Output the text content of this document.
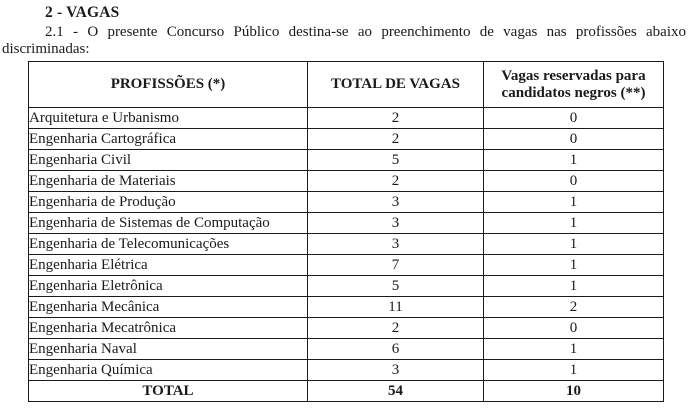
2 - VAGAS

2.1 - O presente Concurso Público destina-se ao preenchimento de vagas nas profissões abaixo discriminadas:

PROFISSÕES (*)	TOTAL DE VAGAS	Vagas reservadas para candidatos negros (**)
Arquitetura e Urbanismo	2	0
Engenharia Cartográfica	2	0
Engenharia Civil	5	1
Engenharia de Materiais	2	0
Engenharia de Produção	3	1
Engenharia de Sistemas de Computação	3	1
Engenharia de Telecomunicações	3	1
Engenharia Elétrica	7	1
Engenharia Eletrônica	5	1
Engenharia Mecânica	11	2
Engenharia Mecatrônica	2	0
Engenharia Naval	6	1
Engenharia Química	3	1
TOTAL	54	10
